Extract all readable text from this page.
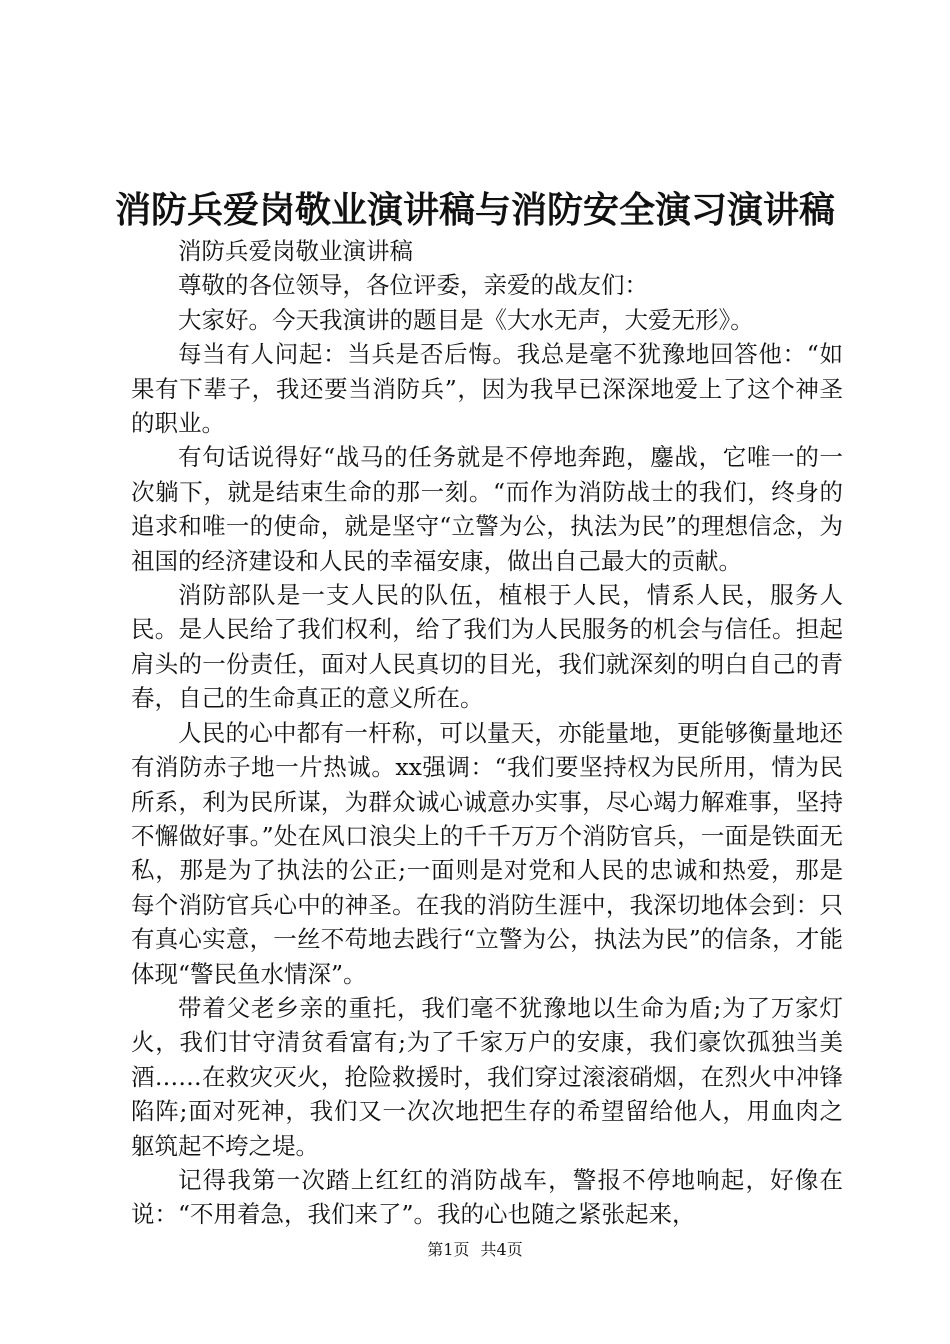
消防兵爱岗敬业演讲稿与消防安全演习演讲稿

消防兵爱岗敬业演讲稿

尊敬的各位领导，各位评委，亲爱的战友们：

大家好。今天我演讲的题目是《大水无声，大爱无形》。

每当有人问起：当兵是否后悔。我总是毫不犹豫地回答他：“如果有下辈子，我还要当消防兵”，因为我早已深深地爱上了这个神圣的职业。

有句话说得好“战马的任务就是不停地奔跑，鏖战，它唯一的一次躺下，就是结束生命的那一刻。“而作为消防战士的我们，终身的追求和唯一的使命，就是坚守“立警为公，执法为民”的理想信念，为祖国的经济建设和人民的幸福安康，做出自己最大的贡献。

消防部队是一支人民的队伍，植根于人民，情系人民，服务人民。是人民给了我们权利，给了我们为人民服务的机会与信任。担起肩头的一份责任，面对人民真切的目光，我们就深刻的明白自己的青春，自己的生命真正的意义所在。

人民的心中都有一杆称，可以量天，亦能量地，更能够衡量地还有消防赤子地一片热诚。xx强调：“我们要坚持权为民所用，情为民所系，利为民所谋，为群众诚心诚意办实事，尽心竭力解难事，坚持不懈做好事。”处在风口浪尖上的千千万万个消防官兵，一面是铁面无私，那是为了执法的公正;一面则是对党和人民的忠诚和热爱，那是每个消防官兵心中的神圣。在我的消防生涯中，我深切地体会到：只有真心实意，一丝不苟地去践行“立警为公，执法为民”的信条，才能体现“警民鱼水情深”。

带着父老乡亲的重托，我们毫不犹豫地以生命为盾;为了万家灯火，我们甘守清贫看富有;为了千家万户的安康，我们豪饮孤独当美酒……在救灾灭火，抢险救援时，我们穿过滚滚硝烟，在烈火中冲锋陷阵;面对死神，我们又一次次地把生存的希望留给他人，用血肉之躯筑起不垮之堤。

记得我第一次踏上红红的消防战车，警报不停地响起，好像在说：“不用着急，我们来了”。我的心也随之紧张起来，

第1页 共4页
